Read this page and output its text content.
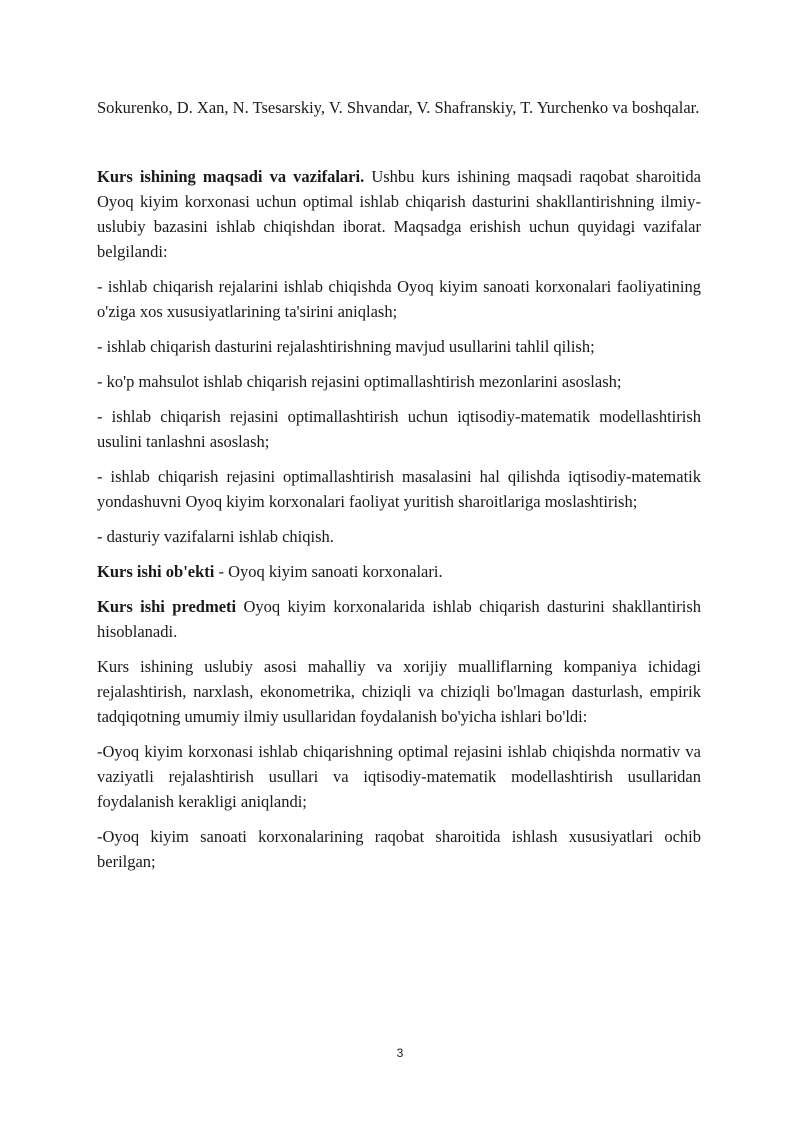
Sokurenko, D. Xan, N. Tsesarskiy, V. Shvandar, V. Shafranskiy, T. Yurchenko va boshqalar.

Kurs ishining maqsadi va vazifalari. Ushbu kurs ishining maqsadi raqobat sharoitida Oyoq kiyim korxonasi uchun optimal ishlab chiqarish dasturini shakllantirishning ilmiy-uslubiy bazasini ishlab chiqishdan iborat. Maqsadga erishish uchun quyidagi vazifalar belgilandi:

- ishlab chiqarish rejalarini ishlab chiqishda Oyoq kiyim sanoati korxonalari faoliyatining o'ziga xos xususiyatlarining ta'sirini aniqlash;

- ishlab chiqarish dasturini rejalashtirishning mavjud usullarini tahlil qilish;

- ko'p mahsulot ishlab chiqarish rejasini optimallashtirish mezonlarini asoslash;

- ishlab chiqarish rejasini optimallashtirish uchun iqtisodiy-matematik modellashtirish usulini tanlashni asoslash;

- ishlab chiqarish rejasini optimallashtirish masalasini hal qilishda iqtisodiy-matematik yondashuvni Oyoq kiyim korxonalari faoliyat yuritish sharoitlariga moslashtirish;

- dasturiy vazifalarni ishlab chiqish.

Kurs ishi ob'ekti - Oyoq kiyim sanoati korxonalari.

Kurs ishi predmeti Oyoq kiyim korxonalarida ishlab chiqarish dasturini shakllantirish hisoblanadi.

Kurs ishining uslubiy asosi mahalliy va xorijiy mualliflarning kompaniya ichidagi rejalashtirish, narxlash, ekonometrika, chiziqli va chiziqli bo'lmagan dasturlash, empirik tadqiqotning umumiy ilmiy usullaridan foydalanish bo'yicha ishlari bo'ldi:

-Oyoq kiyim korxonasi ishlab chiqarishning optimal rejasini ishlab chiqishda normativ va vaziyatli rejalashtirish usullari va iqtisodiy-matematik modellashtirish usullaridan foydalanish kerakligi aniqlandi;

-Oyoq kiyim sanoati korxonalarining raqobat sharoitida ishlash xususiyatlari ochib berilgan;

3
